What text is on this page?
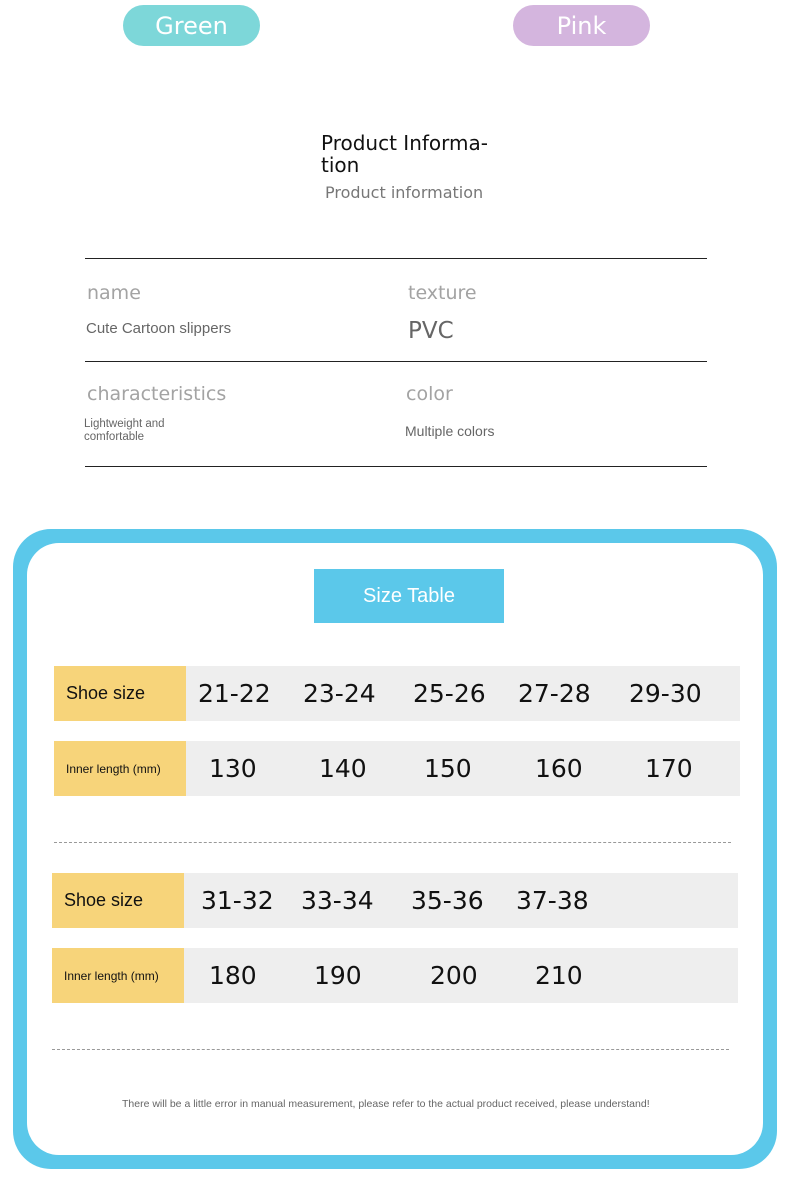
Green	Pink
Product Informa-tion
Product information
name
Cute Cartoon slippers
texture
PVC
characteristics
Lightweight and comfortable
color
Multiple colors
Size Table
Shoe size	21-22 23-24 25-26 27-28 29-30
Inner length (mm)	130 140 150	160 170
Shoe size	31-32 33-34 35-36 37-38
Inner length (mm)	180 190	200 210
There will be a little error in manual measurement, please refer to the actual product received, please understand!
